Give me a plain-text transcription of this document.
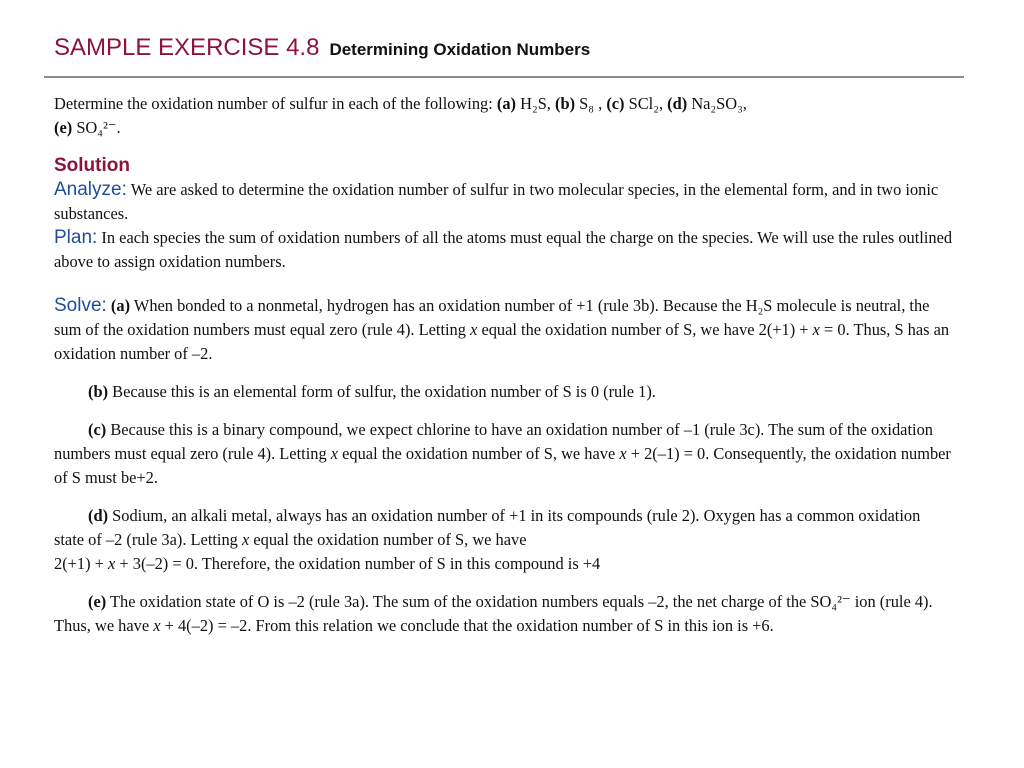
SAMPLE EXERCISE 4.8 Determining Oxidation Numbers

Determine the oxidation number of sulfur in each of the following: (a) H₂S, (b) S₈ , (c) SCl₂, (d) Na₂SO₃,
(e) SO₄²⁻.

Solution

Analyze: We are asked to determine the oxidation number of sulfur in two molecular species, in the elemental form, and in two ionic substances.

Plan: In each species the sum of oxidation numbers of all the atoms must equal the charge on the species. We will use the rules outlined above to assign oxidation numbers.

Solve: (a) When bonded to a nonmetal, hydrogen has an oxidation number of +1 (rule 3b). Because the H₂S molecule is neutral, the sum of the oxidation numbers must equal zero (rule 4). Letting x equal the oxidation number of S, we have 2(+1) + x = 0. Thus, S has an oxidation number of –2.

(b) Because this is an elemental form of sulfur, the oxidation number of S is 0 (rule 1).

(c) Because this is a binary compound, we expect chlorine to have an oxidation number of –1 (rule 3c). The sum of the oxidation numbers must equal zero (rule 4). Letting x equal the oxidation number of S, we have x + 2(–1) = 0. Consequently, the oxidation number of S must be+2.

(d) Sodium, an alkali metal, always has an oxidation number of +1 in its compounds (rule 2). Oxygen has a common oxidation state of –2 (rule 3a). Letting x equal the oxidation number of S, we have
2(+1) + x + 3(–2) = 0. Therefore, the oxidation number of S in this compound is +4

(e) The oxidation state of O is –2 (rule 3a). The sum of the oxidation numbers equals –2, the net charge of the SO₄²⁻ ion (rule 4). Thus, we have x + 4(–2) = –2. From this relation we conclude that the oxidation number of S in this ion is +6.
